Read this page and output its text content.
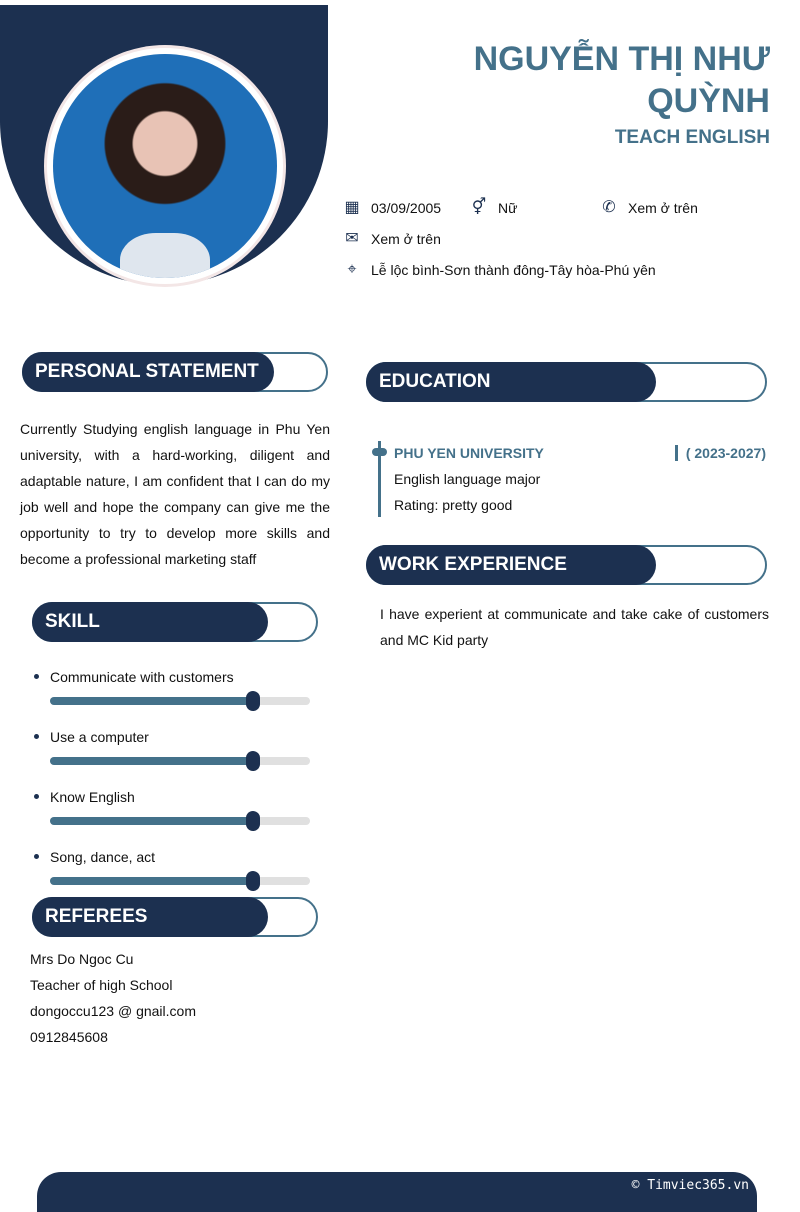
NGUYỄN THỊ NHƯ QUỲNH
TEACH ENGLISH
▦ 03/09/2005 ⚥ Nữ	✆ Xem ở trên
✉ Xem ở trên
⌖	Lễ lộc bình-Sơn thành đông-Tây hòa-Phú yên
PERSONAL STATEMENT
Currently Studying english language in Phu Yen university, with a hard-working, diligent and adaptable nature, I am confident that I can do my job well and hope the company can give me the opportunity to try to develop more skills and become a professional marketing staff
SKILL
Communicate with customers
Use a computer
Know English
Song, dance, act
REFEREES
Mrs Do Ngoc Cu
Teacher of high School
dongoccu123 @ gnail.com
0912845608
EDUCATION
PHU YEN UNIVERSITY	( 2023-2027)
English language major
Rating: pretty good
WORK EXPERIENCE
I have experient at communicate and take cake of customers and MC Kid party
© Timviec365.vn
